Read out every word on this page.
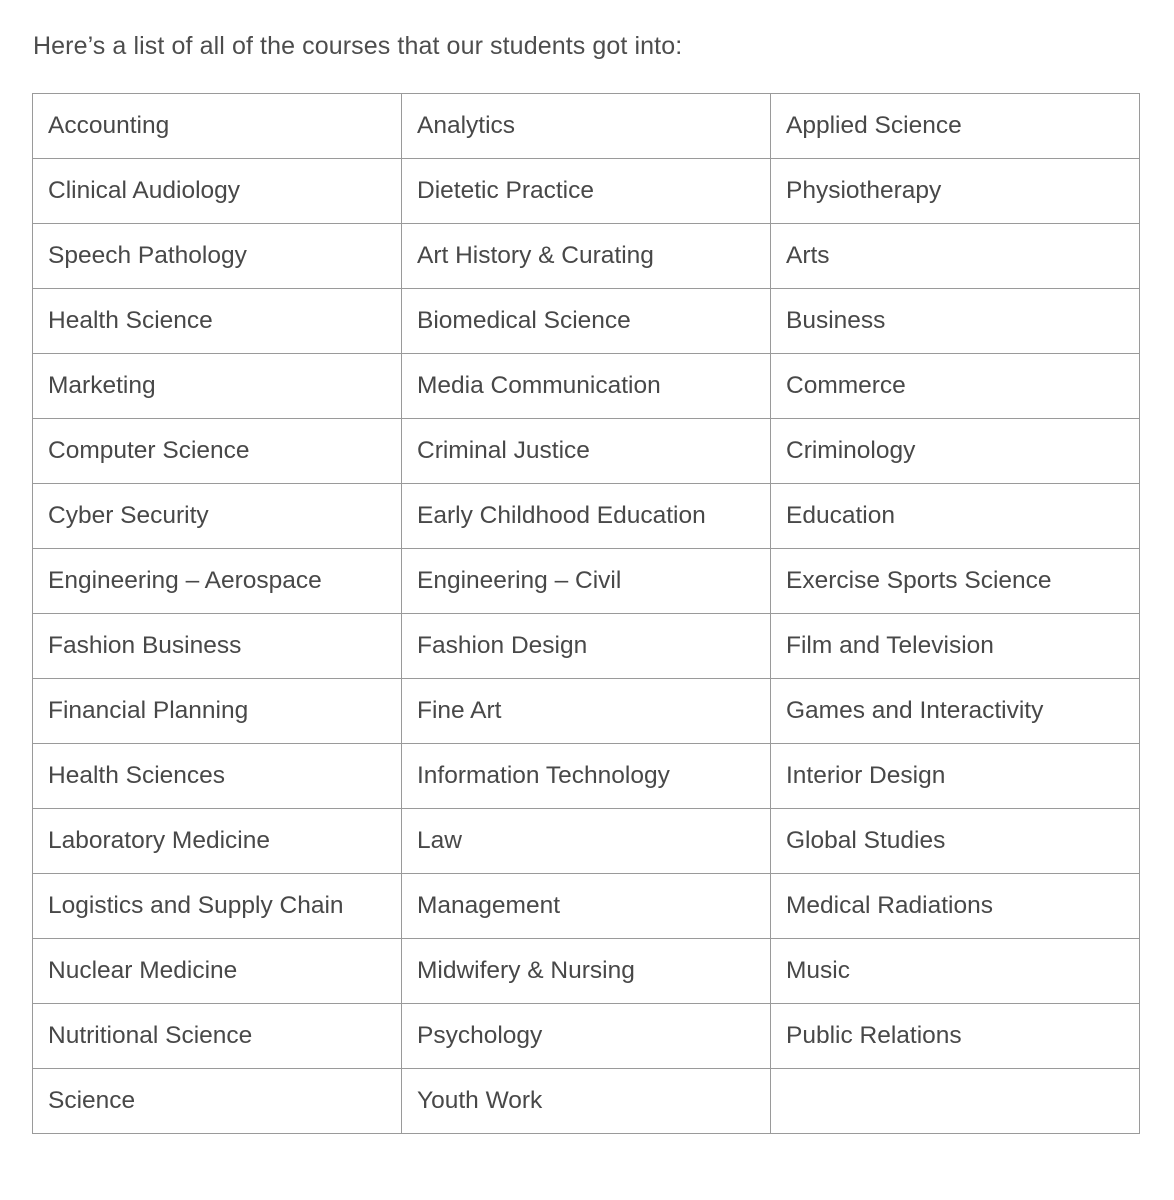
Here’s a list of all of the courses that our students got into:

Accounting	Analytics	Applied Science
Clinical Audiology	Dietetic Practice	Physiotherapy
Speech Pathology	Art History & Curating	Arts
Health Science	Biomedical Science	Business
Marketing	Media Communication	Commerce
Computer Science	Criminal Justice	Criminology
Cyber Security	Early Childhood Education	Education
Engineering – Aerospace	Engineering – Civil	Exercise Sports Science
Fashion Business	Fashion Design	Film and Television
Financial Planning	Fine Art	Games and Interactivity
Health Sciences	Information Technology	Interior Design
Laboratory Medicine	Law	Global Studies
Logistics and Supply Chain	Management	Medical Radiations
Nuclear Medicine	Midwifery & Nursing	Music
Nutritional Science	Psychology	Public Relations
Science	Youth Work	
